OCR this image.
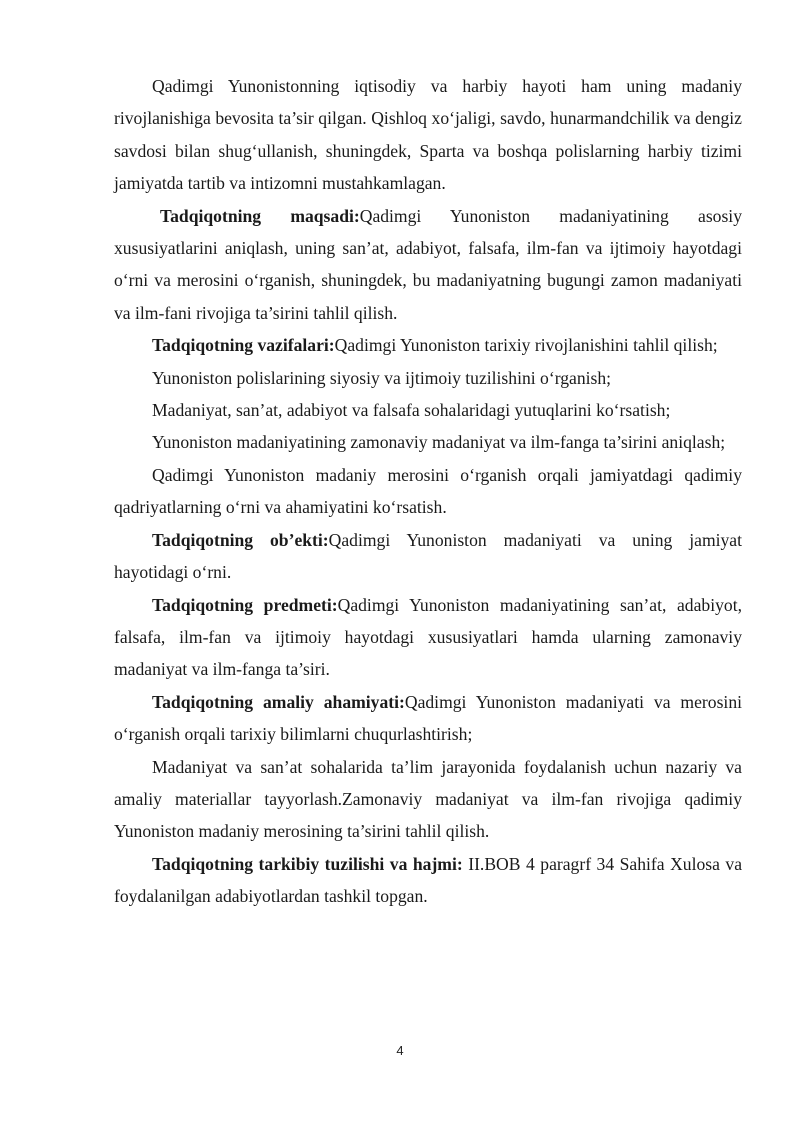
Qadimgi Yunonistonning iqtisodiy va harbiy hayoti ham uning madaniy rivojlanishiga bevosita ta’sir qilgan. Qishloq xo‘jaligi, savdo, hunarmandchilik va dengiz savdosi bilan shug‘ullanish, shuningdek, Sparta va boshqa polislarning harbiy tizimi jamiyatda tartib va intizomni mustahkamlagan.

Tadqiqotning maqsadi:Qadimgi Yunoniston madaniyatining asosiy xususiyatlarini aniqlash, uning san’at, adabiyot, falsafa, ilm-fan va ijtimoiy hayotdagi o‘rni va merosini o‘rganish, shuningdek, bu madaniyatning bugungi zamon madaniyati va ilm-fani rivojiga ta’sirini tahlil qilish.

Tadqiqotning vazifalari:Qadimgi Yunoniston tarixiy rivojlanishini tahlil qilish;

Yunoniston polislarining siyosiy va ijtimoiy tuzilishini o‘rganish;

Madaniyat, san’at, adabiyot va falsafa sohalaridagi yutuqlarini ko‘rsatish;

Yunoniston madaniyatining zamonaviy madaniyat va ilm-fanga ta’sirini aniqlash;

Qadimgi Yunoniston madaniy merosini o‘rganish orqali jamiyatdagi qadimiy qadriyatlarning o‘rni va ahamiyatini ko‘rsatish.

Tadqiqotning ob’ekti:Qadimgi Yunoniston madaniyati va uning jamiyat hayotidagi o‘rni.

Tadqiqotning predmeti:Qadimgi Yunoniston madaniyatining san’at, adabiyot, falsafa, ilm-fan va ijtimoiy hayotdagi xususiyatlari hamda ularning zamonaviy madaniyat va ilm-fanga ta’siri.

Tadqiqotning amaliy ahamiyati:Qadimgi Yunoniston madaniyati va merosini o‘rganish orqali tarixiy bilimlarni chuqurlashtirish;

Madaniyat va san’at sohalarida ta’lim jarayonida foydalanish uchun nazariy va amaliy materiallar tayyorlash.Zamonaviy madaniyat va ilm-fan rivojiga qadimiy Yunoniston madaniy merosining ta’sirini tahlil qilish.

Tadqiqotning tarkibiy tuzilishi va hajmi: II.BOB 4 paragrf 34 Sahifa Xulosa va foydalanilgan adabiyotlardan tashkil topgan.

4
